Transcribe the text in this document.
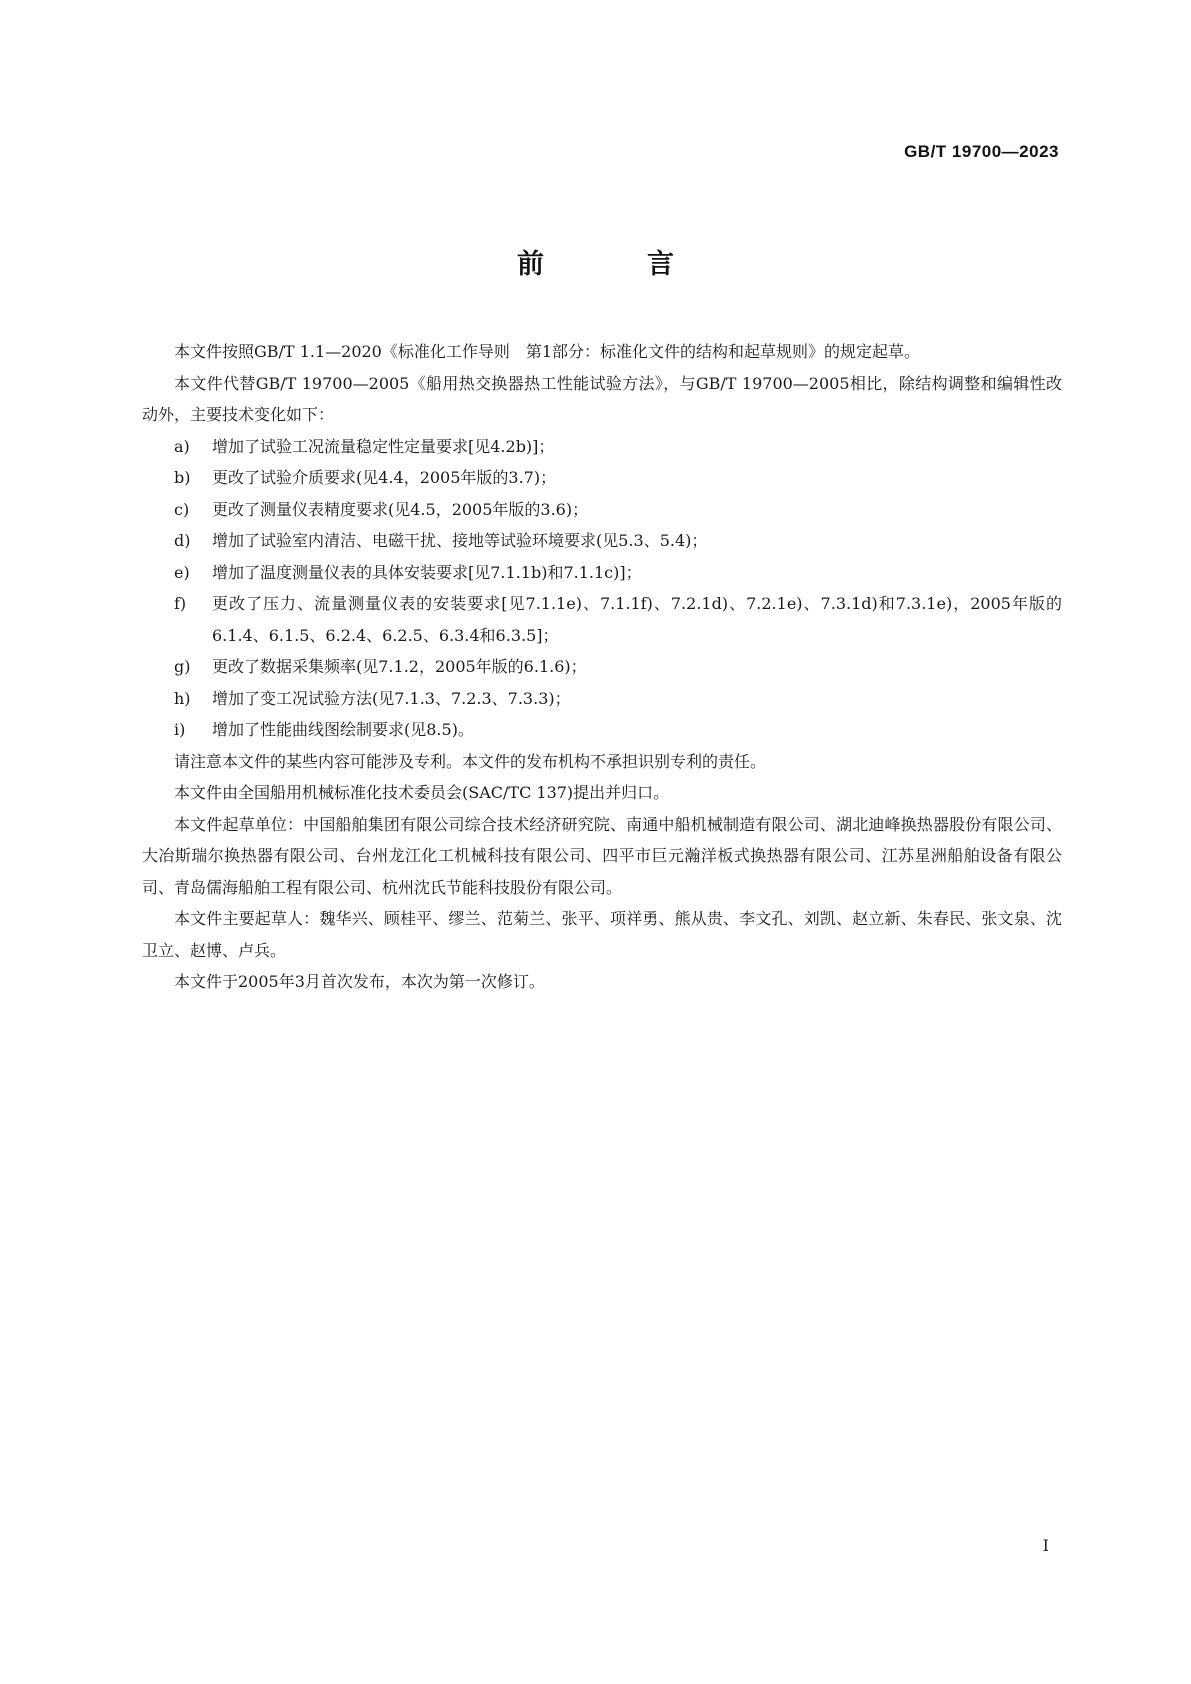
GB/T 19700—2023
前　言

本文件按照GB/T 1.1—2020《标准化工作导则　第1部分：标准化文件的结构和起草规则》的规定起草。

本文件代替GB/T 19700—2005《船用热交换器热工性能试验方法》，与GB/T 19700—2005相比，除结构调整和编辑性改动外，主要技术变化如下：

a)	增加了试验工况流量稳定性定量要求[见4.2b)]；
b)	更改了试验介质要求(见4.4，2005年版的3.7)；
c)	更改了测量仪表精度要求(见4.5，2005年版的3.6)；
d)	增加了试验室内清洁、电磁干扰、接地等试验环境要求(见5.3、5.4)；
e)	增加了温度测量仪表的具体安装要求[见7.1.1b)和7.1.1c)]；
f)	更改了压力、流量测量仪表的安装要求[见7.1.1e)、7.1.1f)、7.2.1d)、7.2.1e)、7.3.1d)和7.3.1e)，2005年版的6.1.4、6.1.5、6.2.4、6.2.5、6.3.4和6.3.5]；
g)	更改了数据采集频率(见7.1.2，2005年版的6.1.6)；
h)	增加了变工况试验方法(见7.1.3、7.2.3、7.3.3)；
i)	增加了性能曲线图绘制要求(见8.5)。

请注意本文件的某些内容可能涉及专利。本文件的发布机构不承担识别专利的责任。

本文件由全国船用机械标准化技术委员会(SAC/TC 137)提出并归口。

本文件起草单位：中国船舶集团有限公司综合技术经济研究院、南通中船机械制造有限公司、湖北迪峰换热器股份有限公司、大冶斯瑞尔换热器有限公司、台州龙江化工机械科技有限公司、四平市巨元瀚洋板式换热器有限公司、江苏星洲船舶设备有限公司、青岛儒海船舶工程有限公司、杭州沈氏节能科技股份有限公司。

本文件主要起草人：魏华兴、顾桂平、缪兰、范菊兰、张平、项祥勇、熊从贵、李文孔、刘凯、赵立新、朱春民、张文泉、沈卫立、赵博、卢兵。

本文件于2005年3月首次发布，本次为第一次修订。

I
